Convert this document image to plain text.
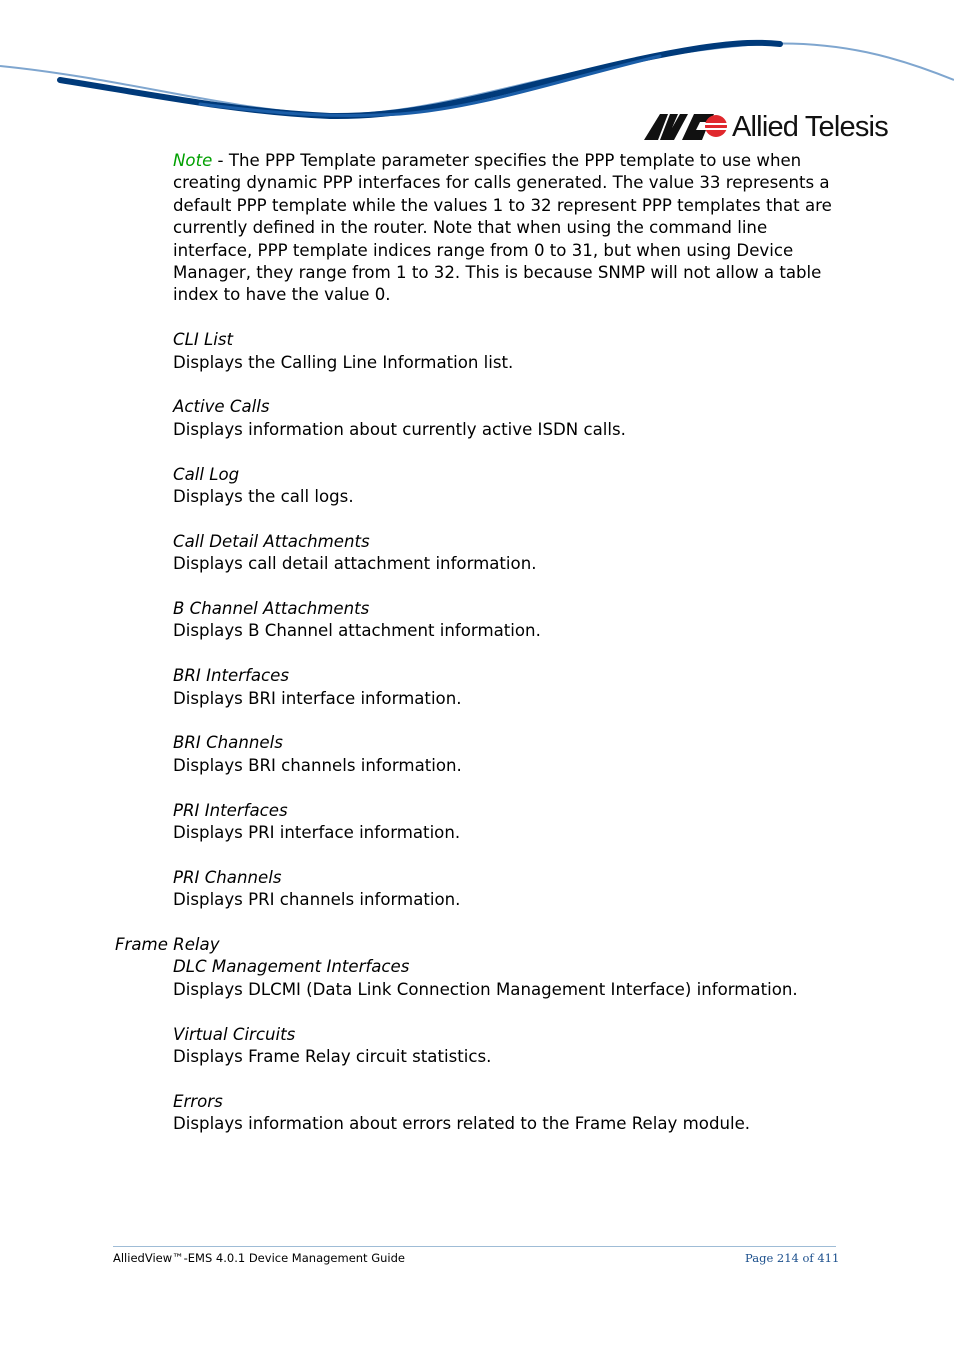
Allied Telesis

Note - The PPP Template parameter specifies the PPP template to use when creating dynamic PPP interfaces for calls generated. The value 33 represents a default PPP template while the values 1 to 32 represent PPP templates that are currently defined in the router. Note that when using the command line interface, PPP template indices range from 0 to 31, but when using Device Manager, they range from 1 to 32. This is because SNMP will not allow a table index to have the value 0.

CLI List
Displays the Calling Line Information list.
Active Calls
Displays information about currently active ISDN calls.
Call Log
Displays the call logs.
Call Detail Attachments
Displays call detail attachment information.
B Channel Attachments
Displays B Channel attachment information.
BRI Interfaces
Displays BRI interface information.
BRI Channels
Displays BRI channels information.
PRI Interfaces
Displays PRI interface information.
PRI Channels
Displays PRI channels information.
Frame Relay
DLC Management Interfaces
Displays DLCMI (Data Link Connection Management Interface) information.
Virtual Circuits
Displays Frame Relay circuit statistics.
Errors
Displays information about errors related to the Frame Relay module.
AlliedView™-EMS 4.0.1 Device Management Guide	Page 214 of 411
